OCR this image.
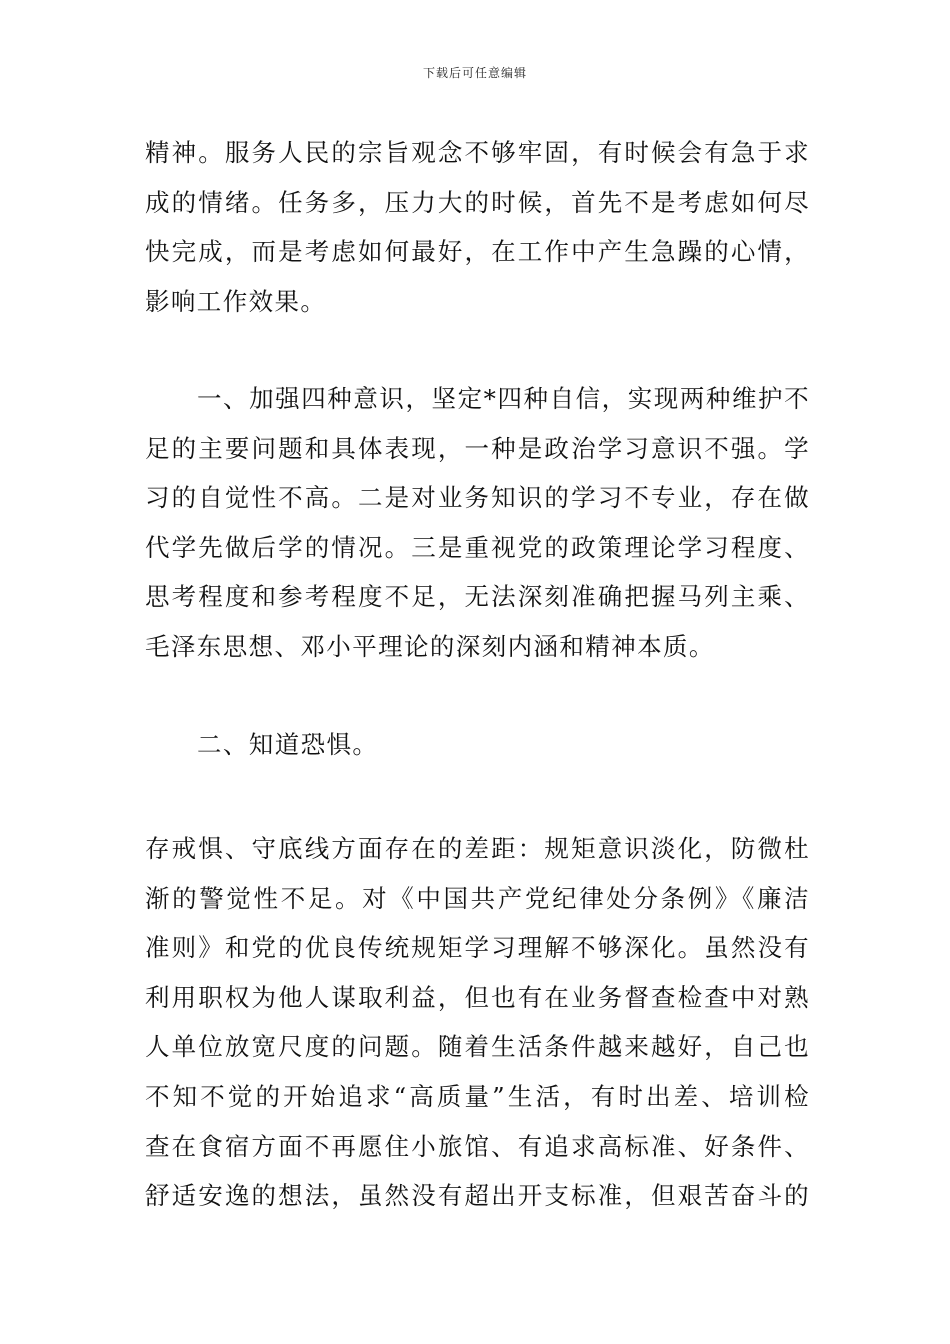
下载后可任意编辑

精神。服务人民的宗旨观念不够牢固，有时候会有急于求
成的情绪。任务多，压力大的时候，首先不是考虑如何尽
快完成，而是考虑如何最好，在工作中产生急躁的心情，
影响工作效果。

一、加强四种意识，坚定*四种自信，实现两种维护不
足的主要问题和具体表现，一种是政治学习意识不强。学
习的自觉性不高。二是对业务知识的学习不专业，存在做
代学先做后学的情况。三是重视党的政策理论学习程度、
思考程度和参考程度不足，无法深刻准确把握马列主乘、
毛泽东思想、邓小平理论的深刻内涵和精神本质。

二、知道恐惧。

存戒惧、守底线方面存在的差距：规矩意识淡化，防微杜
渐的警觉性不足。对《中国共产党纪律处分条例》《廉洁
准则》和党的优良传统规矩学习理解不够深化。虽然没有
利用职权为他人谋取利益，但也有在业务督查检查中对熟
人单位放宽尺度的问题。随着生活条件越来越好，自己也
不知不觉的开始追求“高质量”生活，有时出差、培训检
查在食宿方面不再愿住小旅馆、有追求高标准、好条件、
舒适安逸的想法，虽然没有超出开支标准，但艰苦奋斗的
